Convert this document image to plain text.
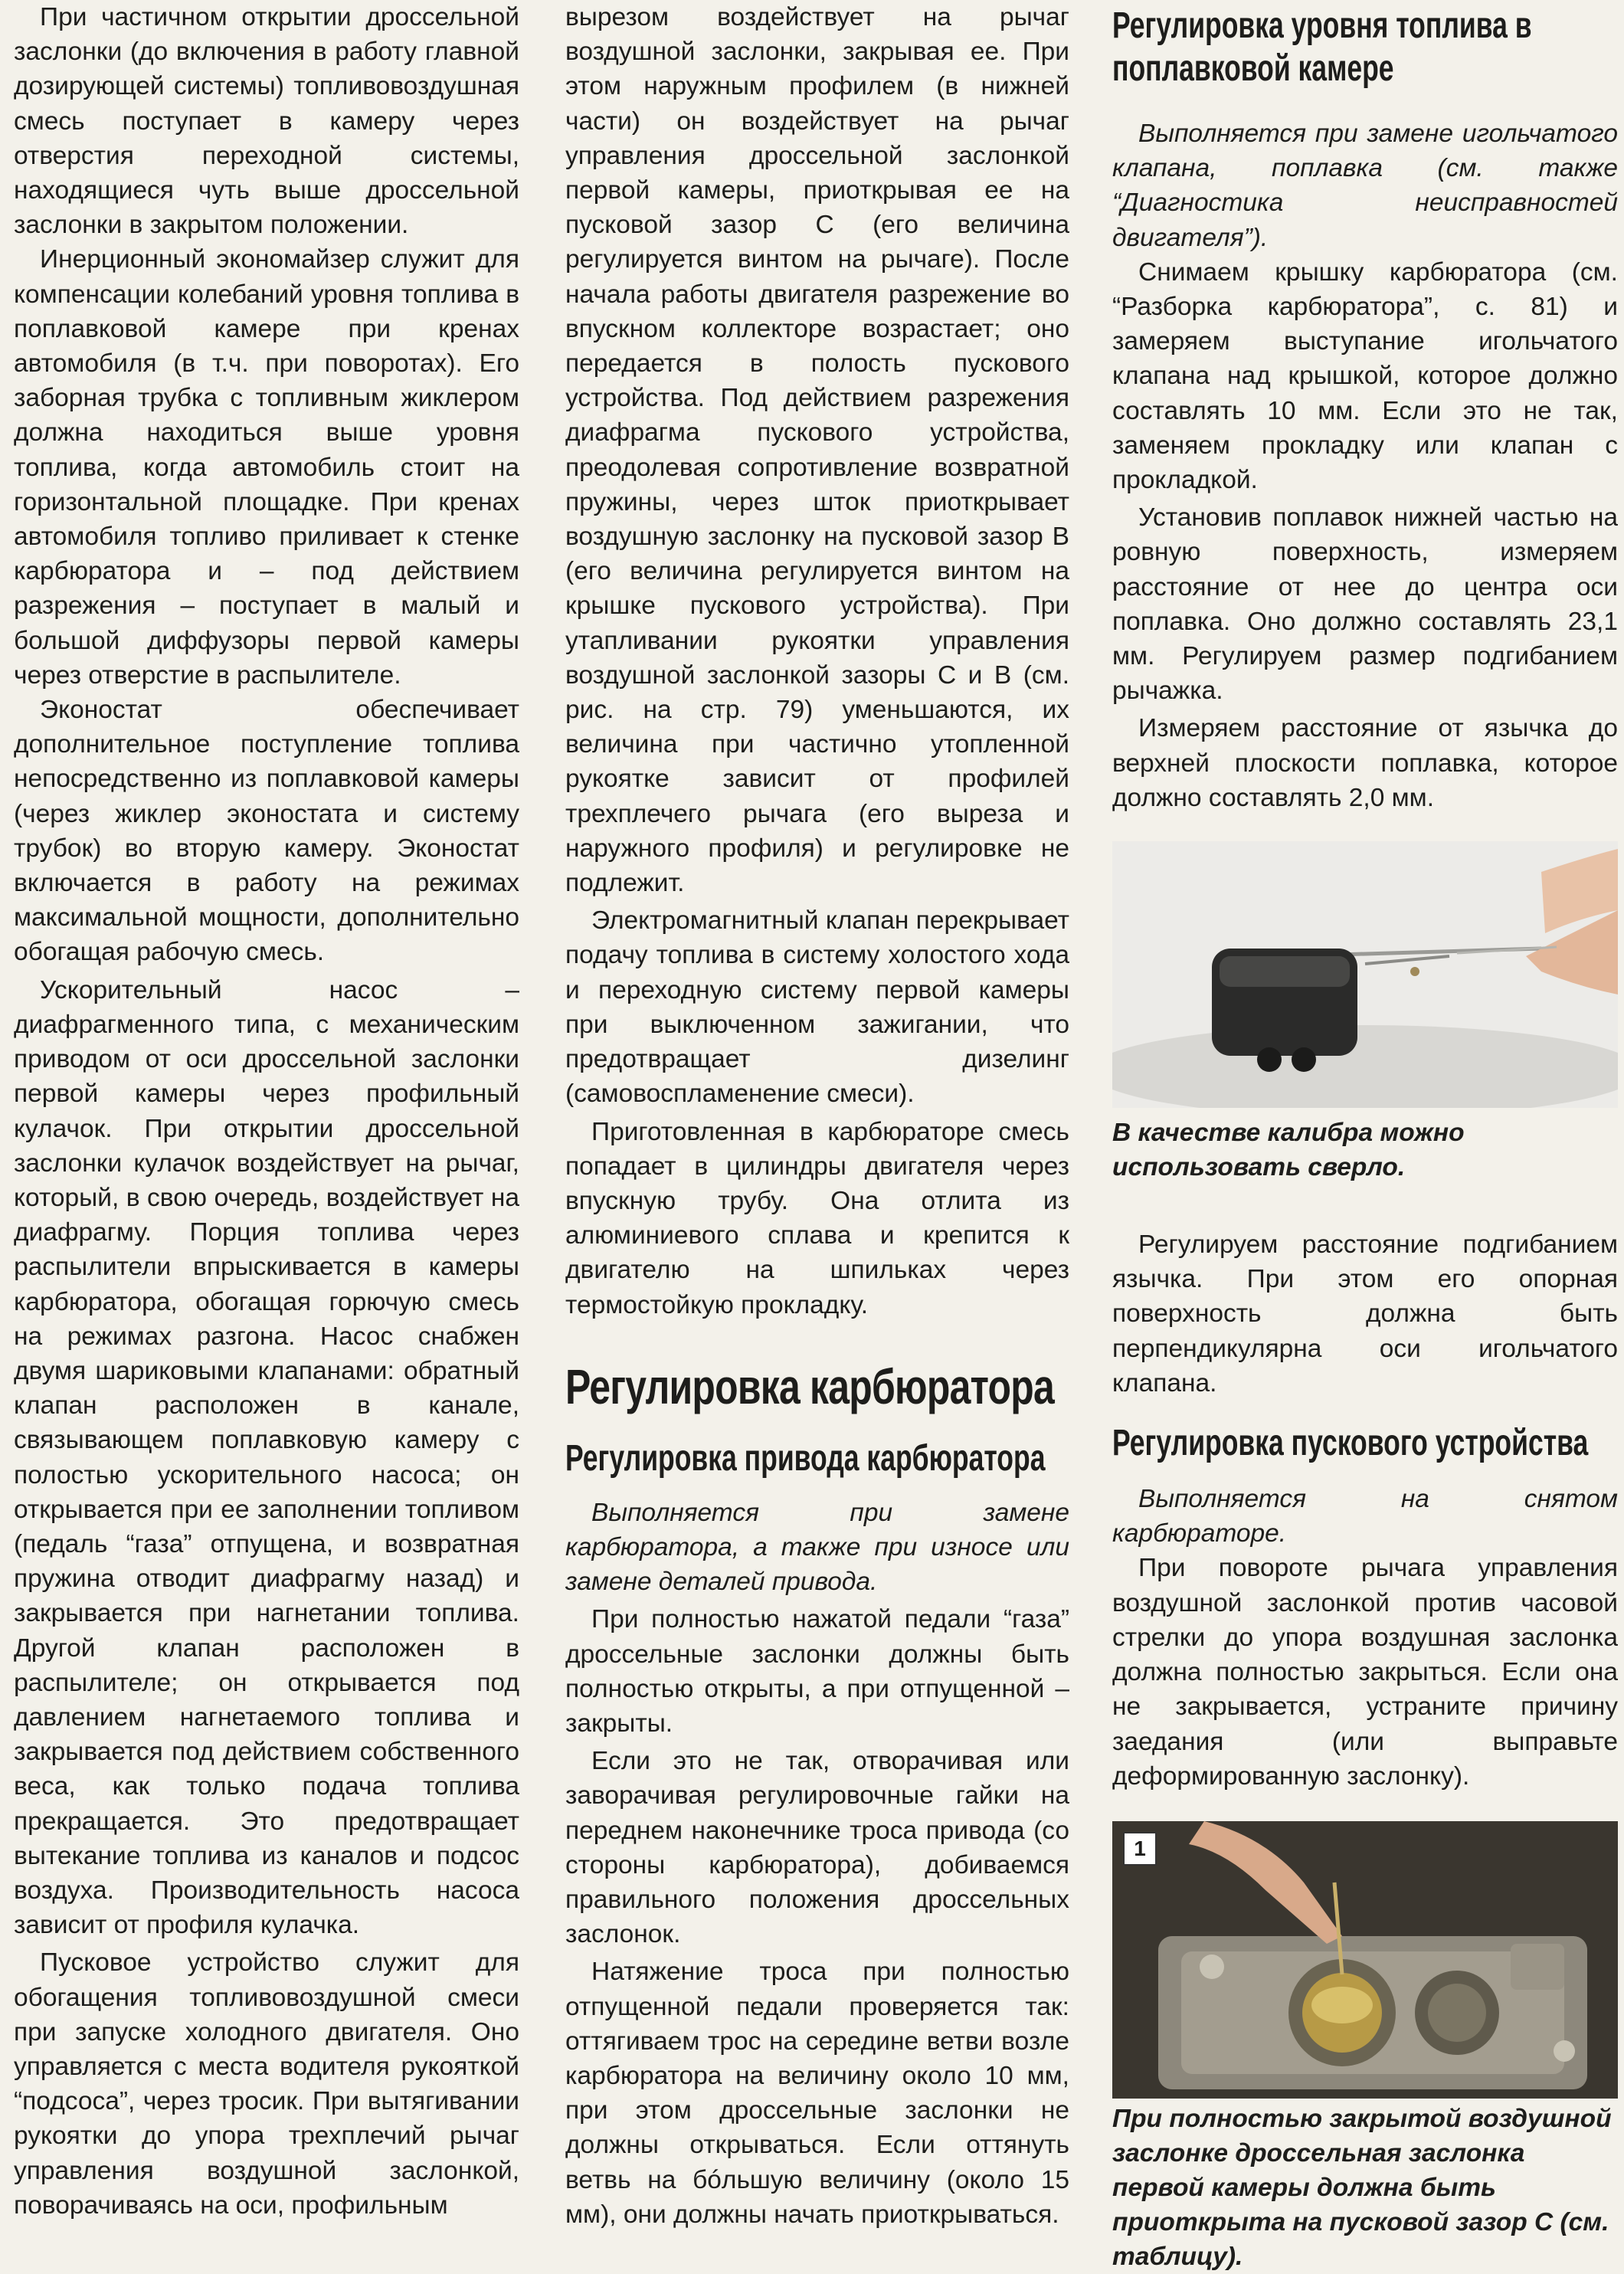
При частичном открытии дроссельной заслонки (до включения в работу главной дозирующей системы) топливовоздушная смесь поступает в камеру через отверстия переходной системы, находящиеся чуть выше дроссельной заслонки в закрытом положении.

Инерционный экономайзер служит для компенсации колебаний уровня топлива в поплавковой камере при кренах автомобиля (в т.ч. при поворотах). Его заборная трубка с топливным жиклером должна находиться выше уровня топлива, когда автомобиль стоит на горизонтальной площадке. При кренах автомобиля топливо приливает к стенке карбюратора и – под действием разрежения – поступает в малый и большой диффузоры первой камеры через отверстие в распылителе.

Эконостат обеспечивает дополнительное поступление топлива непосредственно из поплавковой камеры (через жиклер эконостата и систему трубок) во вторую камеру. Эконостат включается в работу на режимах максимальной мощности, дополнительно обогащая рабочую смесь.

Ускорительный насос – диафрагменного типа, с механическим приводом от оси дроссельной заслонки первой камеры через профильный кулачок. При открытии дроссельной заслонки кулачок воздействует на рычаг, который, в свою очередь, воздействует на диафрагму. Порция топлива через распылители впрыскивается в камеры карбюратора, обогащая горючую смесь на режимах разгона. Насос снабжен двумя шариковыми клапанами: обратный клапан расположен в канале, связывающем поплавковую камеру с полостью ускорительного насоса; он открывается при ее заполнении топливом (педаль “газа” отпущена, и возвратная пружина отводит диафрагму назад) и закрывается при нагнетании топлива. Другой клапан расположен в распылителе; он открывается под давлением нагнетаемого топлива и закрывается под действием собственного веса, как только подача топлива прекращается. Это предотвращает вытекание топлива из каналов и подсос воздуха. Производительность насоса зависит от профиля кулачка.

Пусковое устройство служит для обогащения топливовоздушной смеси при запуске холодного двигателя. Оно управляется с места водителя рукояткой “подсоса”, через тросик. При вытягивании рукоятки до упора трехплечий рычаг управления воздушной заслонкой, поворачиваясь на оси, профильным

вырезом воздействует на рычаг воздушной заслонки, закрывая ее. При этом наружным профилем (в нижней части) он воздействует на рычаг управления дроссельной заслонкой первой камеры, приоткрывая ее на пусковой зазор С (его величина регулируется винтом на рычаге). После начала работы двигателя разрежение во впускном коллекторе возрастает; оно передается в полость пускового устройства. Под действием разрежения диафрагма пускового устройства, преодолевая сопротивление возвратной пружины, через шток приоткрывает воздушную заслонку на пусковой зазор В (его величина регулируется винтом на крышке пускового устройства). При утапливании рукоятки управления воздушной заслонкой зазоры С и В (см. рис. на стр. 79) уменьшаются, их величина при частично утопленной рукоятке зависит от профилей трехплечего рычага (его выреза и наружного профиля) и регулировке не подлежит.

Электромагнитный клапан перекрывает подачу топлива в систему холостого хода и переходную систему первой камеры при выключенном зажигании, что предотвращает дизелинг (самовоспламенение смеси).

Приготовленная в карбюраторе смесь попадает в цилиндры двигателя через впускную трубу. Она отлита из алюминиевого сплава и крепится к двигателю на шпильках через термостойкую прокладку.

Регулировка карбюратора
Регулировка привода карбюратора

Выполняется при замене карбюратора, а также при износе или замене деталей привода.

При полностью нажатой педали “газа” дроссельные заслонки должны быть полностью открыты, а при отпущенной – закрыты.

Если это не так, отворачивая или заворачивая регулировочные гайки на переднем наконечнике троса привода (со стороны карбюратора), добиваемся правильного положения дроссельных заслонок.

Натяжение троса при полностью отпущенной педали проверяется так: оттягиваем трос на середине ветви возле карбюратора на величину около 10 мм, при этом дроссельные заслонки не должны открываться. Если оттянуть ветвь на бóльшую величину (около 15 мм), они должны начать приоткрываться.

Регулировка уровня топлива в поплавковой камере

Выполняется при замене игольчатого клапана, поплавка (см. также “Диагностика неисправностей двигателя”).

Снимаем крышку карбюратора (см. “Разборка карбюратора”, с. 81) и замеряем выступание игольчатого клапана над крышкой, которое должно составлять 10 мм. Если это не так, заменяем прокладку или клапан с прокладкой.

Установив поплавок нижней частью на ровную поверхность, измеряем расстояние от нее до центра оси поплавка. Оно должно составлять 23,1 мм. Регулируем размер подгибанием рычажка.

Измеряем расстояние от язычка до верхней плоскости поплавка, которое должно составлять 2,0 мм.

В качестве калибра можно использовать сверло.

Регулируем расстояние подгибанием язычка. При этом его опорная поверхность должна быть перпендикулярна оси игольчатого клапана.

Регулировка пускового устройства

Выполняется на снятом карбюраторе.

При повороте рычага управления воздушной заслонкой против часовой стрелки до упора воздушная заслонка должна полностью закрыться. Если она не закрывается, устраните причину заедания (или выправьте деформированную заслонку).

1

При полностью закрытой воздушной заслонке дроссельная заслонка первой камеры должна быть приоткрыта на пусковой зазор С (см. таблицу).
